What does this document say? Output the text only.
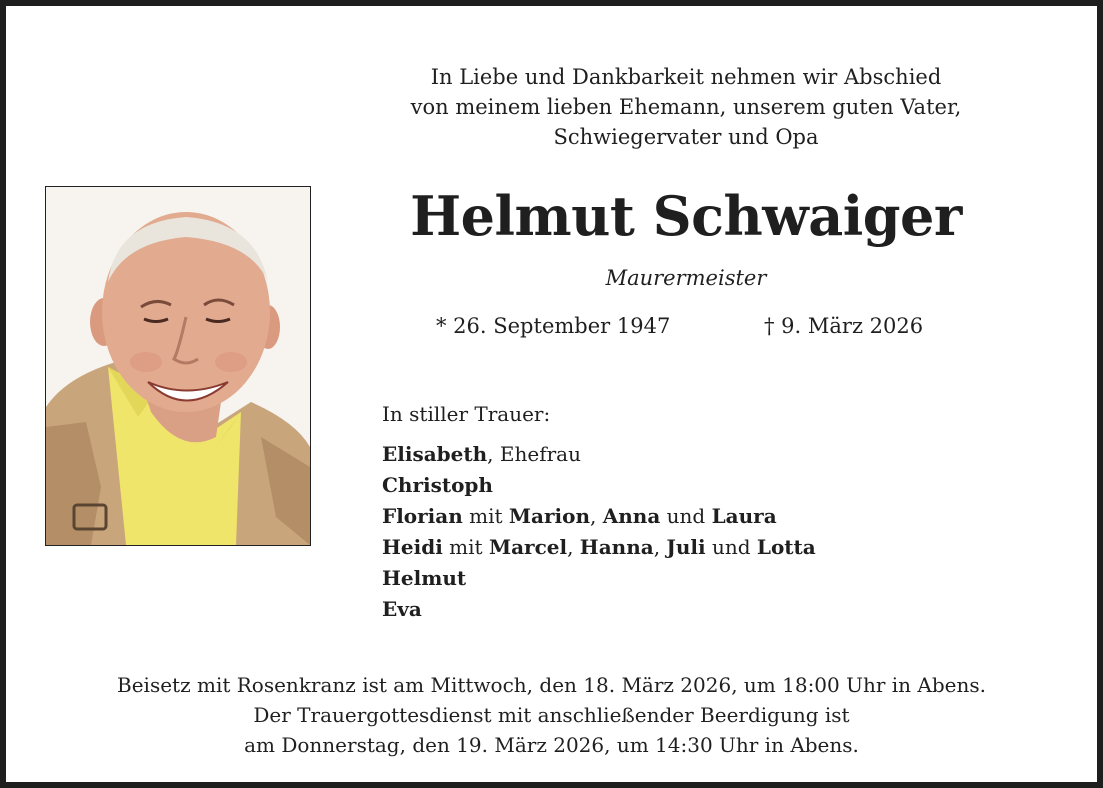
In Liebe und Dankbarkeit nehmen wir Abschied
von meinem lieben Ehemann, unserem guten Vater,
Schwiegervater und Opa
Helmut Schwaiger
Maurermeister
* 26. September 1947	† 9. März 2026
In stiller Trauer:
Elisabeth, Ehefrau
Christoph
Florian mit Marion, Anna und Laura
Heidi mit Marcel, Hanna, Juli und Lotta
Helmut
Eva
Beisetz mit Rosenkranz ist am Mittwoch, den 18. März 2026, um 18:00 Uhr in Abens.
Der Trauergottesdienst mit anschließender Beerdigung ist
am Donnerstag, den 19. März 2026, um 14:30 Uhr in Abens.
